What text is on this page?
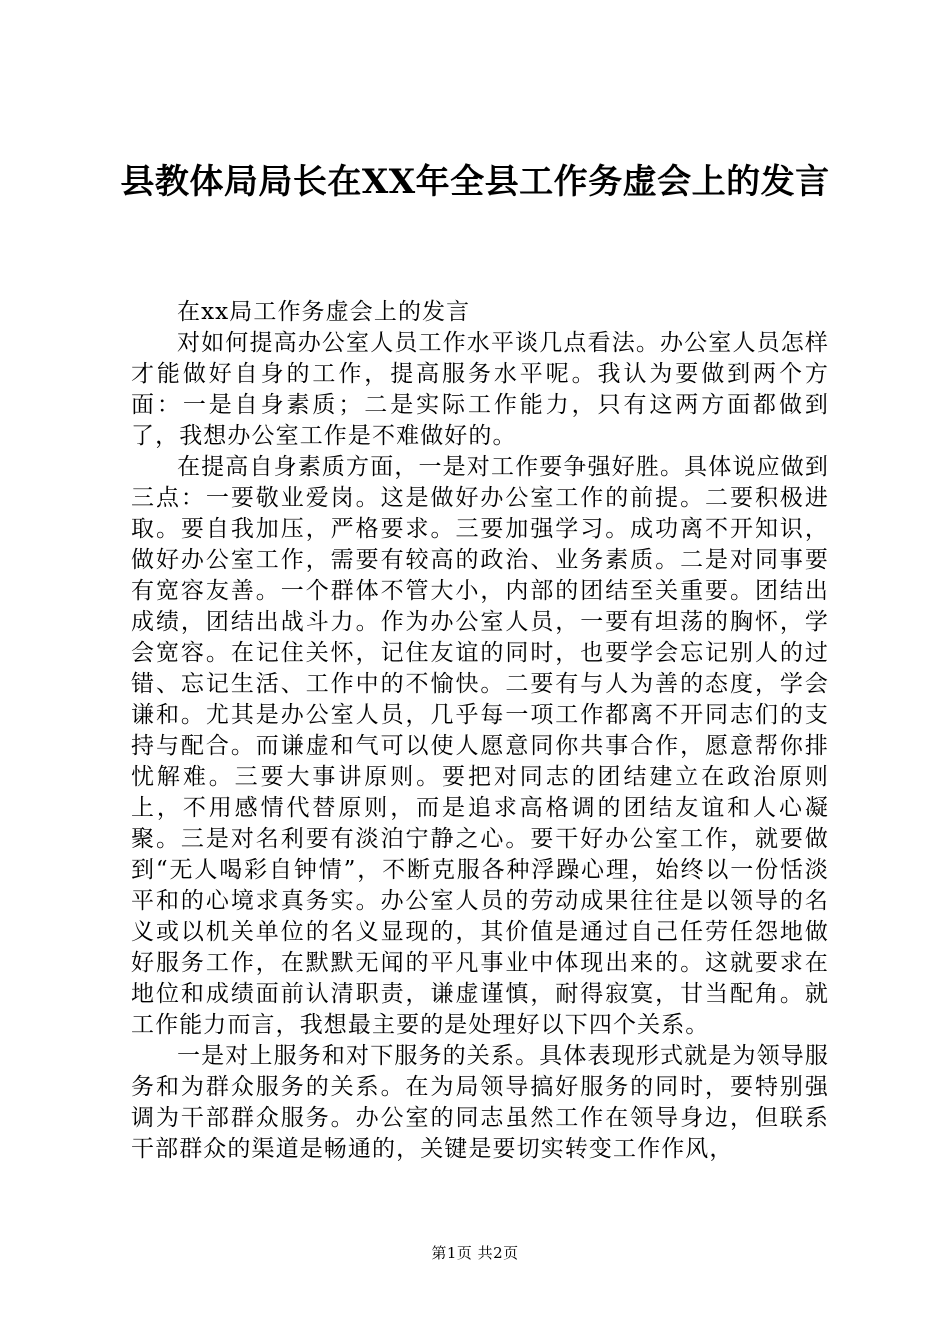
县教体局局长在XX年全县工作务虚会上的发言

在xx局工作务虚会上的发言

对如何提高办公室人员工作水平谈几点看法。办公室人员怎样才能做好自身的工作，提高服务水平呢。我认为要做到两个方面：一是自身素质；二是实际工作能力，只有这两方面都做到了，我想办公室工作是不难做好的。

在提高自身素质方面，一是对工作要争强好胜。具体说应做到三点：一要敬业爱岗。这是做好办公室工作的前提。二要积极进取。要自我加压，严格要求。三要加强学习。成功离不开知识，做好办公室工作，需要有较高的政治、业务素质。二是对同事要有宽容友善。一个群体不管大小，内部的团结至关重要。团结出成绩，团结出战斗力。作为办公室人员，一要有坦荡的胸怀，学会宽容。在记住关怀，记住友谊的同时，也要学会忘记别人的过错、忘记生活、工作中的不愉快。二要有与人为善的态度，学会谦和。尤其是办公室人员，几乎每一项工作都离不开同志们的支持与配合。而谦虚和气可以使人愿意同你共事合作，愿意帮你排忧解难。三要大事讲原则。要把对同志的团结建立在政治原则上，不用感情代替原则，而是追求高格调的团结友谊和人心凝聚。三是对名利要有淡泊宁静之心。要干好办公室工作，就要做到“无人喝彩自钟情”，不断克服各种浮躁心理，始终以一份恬淡平和的心境求真务实。办公室人员的劳动成果往往是以领导的名义或以机关单位的名义显现的，其价值是通过自己任劳任怨地做好服务工作，在默默无闻的平凡事业中体现出来的。这就要求在地位和成绩面前认清职责，谦虚谨慎，耐得寂寞，甘当配角。就工作能力而言，我想最主要的是处理好以下四个关系。

一是对上服务和对下服务的关系。具体表现形式就是为领导服务和为群众服务的关系。在为局领导搞好服务的同时，要特别强调为干部群众服务。办公室的同志虽然工作在领导身边，但联系干部群众的渠道是畅通的，关键是要切实转变工作作风，

第1页 共2页
